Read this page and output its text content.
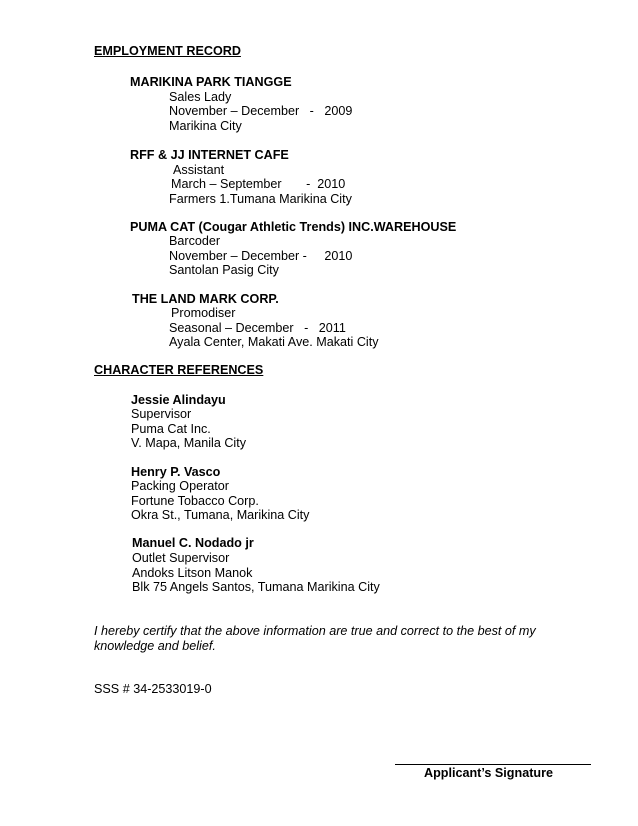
EMPLOYMENT RECORD
MARIKINA PARK TIANGGE
Sales Lady
November – December   -   2009
Marikina City
RFF & JJ INTERNET CAFE
Assistant
March – September       -  2010
Farmers 1.Tumana Marikina City
PUMA CAT (Cougar Athletic Trends) INC.WAREHOUSE
Barcoder
November – December -     2010
Santolan Pasig City
THE LAND MARK CORP.
Promodiser
Seasonal – December   -   2011
Ayala Center, Makati Ave. Makati City
CHARACTER REFERENCES
Jessie Alindayu
Supervisor
Puma Cat Inc.
V. Mapa, Manila City
Henry P. Vasco
Packing Operator
Fortune Tobacco Corp.
Okra St., Tumana, Marikina City
Manuel C. Nodado jr
Outlet Supervisor
Andoks Litson Manok
Blk 75 Angels Santos, Tumana Marikina City
I hereby certify that the above information are true and correct to the best of my
knowledge and belief.
SSS # 34-2533019-0
Applicant’s Signature
